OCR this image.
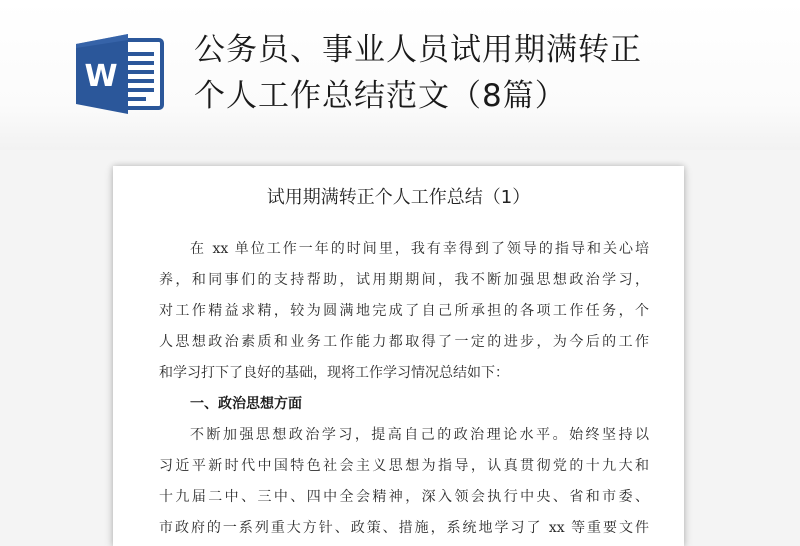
W
公务员、事业人员试用期满转正
个人工作总结范文（8篇）
试用期满转正个人工作总结（1）
在 xx 单位工作一年的时间里，我有幸得到了领导的指导和关心培
养，和同事们的支持帮助，试用期期间，我不断加强思想政治学习，
对工作精益求精，较为圆满地完成了自己所承担的各项工作任务，个
人思想政治素质和业务工作能力都取得了一定的进步，为今后的工作
和学习打下了良好的基础，现将工作学习情况总结如下：
一、政治思想方面
不断加强思想政治学习，提高自己的政治理论水平。始终坚持以
习近平新时代中国特色社会主义思想为指导，认真贯彻党的十九大和
十九届二中、三中、四中全会精神，深入领会执行中央、省和市委、
市政府的一系列重大方针、政策、措施，系统地学习了 xx 等重要文件
